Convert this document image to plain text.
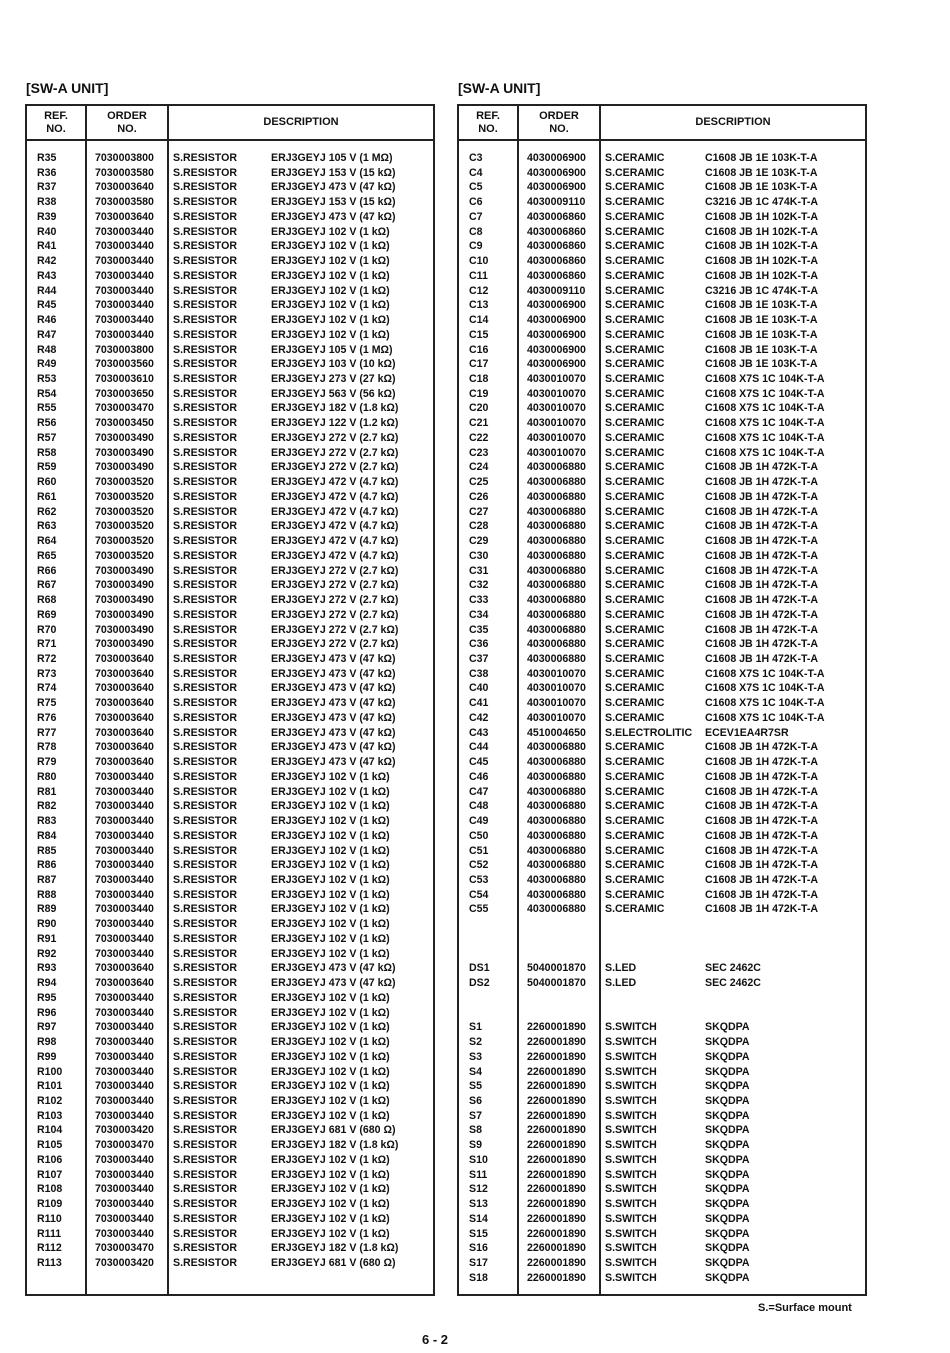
[SW-A UNIT]	[SW-A UNIT]
REF.
NO.
ORDER
NO.
DESCRIPTION
R35	7030003800 S.RESISTOR	ERJ3GEYJ 105 V (1 MΩ)
R36	7030003580 S.RESISTOR	ERJ3GEYJ 153 V (15 kΩ)
R37	7030003640 S.RESISTOR	ERJ3GEYJ 473 V (47 kΩ)
R38	7030003580 S.RESISTOR	ERJ3GEYJ 153 V (15 kΩ)
R39	7030003640 S.RESISTOR	ERJ3GEYJ 473 V (47 kΩ)
R40	7030003440 S.RESISTOR	ERJ3GEYJ 102 V (1 kΩ)
R41	7030003440 S.RESISTOR	ERJ3GEYJ 102 V (1 kΩ)
R42	7030003440 S.RESISTOR	ERJ3GEYJ 102 V (1 kΩ)
R43	7030003440 S.RESISTOR	ERJ3GEYJ 102 V (1 kΩ)
R44	7030003440 S.RESISTOR	ERJ3GEYJ 102 V (1 kΩ)
R45	7030003440 S.RESISTOR	ERJ3GEYJ 102 V (1 kΩ)
R46	7030003440 S.RESISTOR	ERJ3GEYJ 102 V (1 kΩ)
R47	7030003440 S.RESISTOR	ERJ3GEYJ 102 V (1 kΩ)
R48	7030003800 S.RESISTOR	ERJ3GEYJ 105 V (1 MΩ)
R49	7030003560 S.RESISTOR	ERJ3GEYJ 103 V (10 kΩ)
R53	7030003610 S.RESISTOR	ERJ3GEYJ 273 V (27 kΩ)
R54	7030003650 S.RESISTOR	ERJ3GEYJ 563 V (56 kΩ)
R55	7030003470 S.RESISTOR	ERJ3GEYJ 182 V (1.8 kΩ)
R56	7030003450 S.RESISTOR	ERJ3GEYJ 122 V (1.2 kΩ)
R57	7030003490 S.RESISTOR	ERJ3GEYJ 272 V (2.7 kΩ)
R58	7030003490 S.RESISTOR	ERJ3GEYJ 272 V (2.7 kΩ)
R59	7030003490 S.RESISTOR	ERJ3GEYJ 272 V (2.7 kΩ)
R60	7030003520 S.RESISTOR	ERJ3GEYJ 472 V (4.7 kΩ)
R61	7030003520 S.RESISTOR	ERJ3GEYJ 472 V (4.7 kΩ)
R62	7030003520 S.RESISTOR	ERJ3GEYJ 472 V (4.7 kΩ)
R63	7030003520 S.RESISTOR	ERJ3GEYJ 472 V (4.7 kΩ)
R64	7030003520 S.RESISTOR	ERJ3GEYJ 472 V (4.7 kΩ)
R65	7030003520 S.RESISTOR	ERJ3GEYJ 472 V (4.7 kΩ)
R66	7030003490 S.RESISTOR	ERJ3GEYJ 272 V (2.7 kΩ)
R67	7030003490 S.RESISTOR	ERJ3GEYJ 272 V (2.7 kΩ)
R68	7030003490 S.RESISTOR	ERJ3GEYJ 272 V (2.7 kΩ)
R69	7030003490 S.RESISTOR	ERJ3GEYJ 272 V (2.7 kΩ)
R70	7030003490 S.RESISTOR	ERJ3GEYJ 272 V (2.7 kΩ)
R71	7030003490 S.RESISTOR	ERJ3GEYJ 272 V (2.7 kΩ)
R72	7030003640 S.RESISTOR	ERJ3GEYJ 473 V (47 kΩ)
R73	7030003640 S.RESISTOR	ERJ3GEYJ 473 V (47 kΩ)
R74	7030003640 S.RESISTOR	ERJ3GEYJ 473 V (47 kΩ)
R75	7030003640 S.RESISTOR	ERJ3GEYJ 473 V (47 kΩ)
R76	7030003640 S.RESISTOR	ERJ3GEYJ 473 V (47 kΩ)
R77	7030003640 S.RESISTOR	ERJ3GEYJ 473 V (47 kΩ)
R78	7030003640 S.RESISTOR	ERJ3GEYJ 473 V (47 kΩ)
R79	7030003640 S.RESISTOR	ERJ3GEYJ 473 V (47 kΩ)
R80	7030003440 S.RESISTOR	ERJ3GEYJ 102 V (1 kΩ)
R81	7030003440 S.RESISTOR	ERJ3GEYJ 102 V (1 kΩ)
R82	7030003440 S.RESISTOR	ERJ3GEYJ 102 V (1 kΩ)
R83	7030003440 S.RESISTOR	ERJ3GEYJ 102 V (1 kΩ)
R84	7030003440 S.RESISTOR	ERJ3GEYJ 102 V (1 kΩ)
R85	7030003440 S.RESISTOR	ERJ3GEYJ 102 V (1 kΩ)
R86	7030003440 S.RESISTOR	ERJ3GEYJ 102 V (1 kΩ)
R87	7030003440 S.RESISTOR	ERJ3GEYJ 102 V (1 kΩ)
R88	7030003440 S.RESISTOR	ERJ3GEYJ 102 V (1 kΩ)
R89	7030003440 S.RESISTOR	ERJ3GEYJ 102 V (1 kΩ)
R90	7030003440 S.RESISTOR	ERJ3GEYJ 102 V (1 kΩ)
R91	7030003440 S.RESISTOR	ERJ3GEYJ 102 V (1 kΩ)
R92	7030003440 S.RESISTOR	ERJ3GEYJ 102 V (1 kΩ)
R93	7030003640 S.RESISTOR	ERJ3GEYJ 473 V (47 kΩ)
R94	7030003640 S.RESISTOR	ERJ3GEYJ 473 V (47 kΩ)
R95	7030003440 S.RESISTOR	ERJ3GEYJ 102 V (1 kΩ)
R96	7030003440 S.RESISTOR	ERJ3GEYJ 102 V (1 kΩ)
R97	7030003440 S.RESISTOR	ERJ3GEYJ 102 V (1 kΩ)
R98	7030003440 S.RESISTOR	ERJ3GEYJ 102 V (1 kΩ)
R99	7030003440 S.RESISTOR	ERJ3GEYJ 102 V (1 kΩ)
R100	7030003440 S.RESISTOR	ERJ3GEYJ 102 V (1 kΩ)
R101	7030003440 S.RESISTOR	ERJ3GEYJ 102 V (1 kΩ)
R102	7030003440 S.RESISTOR	ERJ3GEYJ 102 V (1 kΩ)
R103	7030003440 S.RESISTOR	ERJ3GEYJ 102 V (1 kΩ)
R104	7030003420 S.RESISTOR	ERJ3GEYJ 681 V (680 Ω)
R105	7030003470 S.RESISTOR	ERJ3GEYJ 182 V (1.8 kΩ)
R106	7030003440 S.RESISTOR	ERJ3GEYJ 102 V (1 kΩ)
R107	7030003440 S.RESISTOR	ERJ3GEYJ 102 V (1 kΩ)
R108	7030003440 S.RESISTOR	ERJ3GEYJ 102 V (1 kΩ)
R109	7030003440 S.RESISTOR	ERJ3GEYJ 102 V (1 kΩ)
R110	7030003440 S.RESISTOR	ERJ3GEYJ 102 V (1 kΩ)
R111	7030003440 S.RESISTOR	ERJ3GEYJ 102 V (1 kΩ)
R112	7030003470 S.RESISTOR	ERJ3GEYJ 182 V (1.8 kΩ)
R113	7030003420 S.RESISTOR	ERJ3GEYJ 681 V (680 Ω)
REF.
NO.
ORDER
NO.
DESCRIPTION
C3	4030006900 S.CERAMIC	C1608 JB 1E 103K-T-A
C4	4030006900 S.CERAMIC	C1608 JB 1E 103K-T-A
C5	4030006900 S.CERAMIC	C1608 JB 1E 103K-T-A
C6	4030009110 S.CERAMIC	C3216 JB 1C 474K-T-A
C7	4030006860 S.CERAMIC	C1608 JB 1H 102K-T-A
C8	4030006860 S.CERAMIC	C1608 JB 1H 102K-T-A
C9	4030006860 S.CERAMIC	C1608 JB 1H 102K-T-A
C10	4030006860 S.CERAMIC	C1608 JB 1H 102K-T-A
C11	4030006860 S.CERAMIC	C1608 JB 1H 102K-T-A
C12	4030009110 S.CERAMIC	C3216 JB 1C 474K-T-A
C13	4030006900 S.CERAMIC	C1608 JB 1E 103K-T-A
C14	4030006900 S.CERAMIC	C1608 JB 1E 103K-T-A
C15	4030006900 S.CERAMIC	C1608 JB 1E 103K-T-A
C16	4030006900 S.CERAMIC	C1608 JB 1E 103K-T-A
C17	4030006900 S.CERAMIC	C1608 JB 1E 103K-T-A
C18	4030010070 S.CERAMIC	C1608 X7S 1C 104K-T-A
C19	4030010070 S.CERAMIC	C1608 X7S 1C 104K-T-A
C20	4030010070 S.CERAMIC	C1608 X7S 1C 104K-T-A
C21	4030010070 S.CERAMIC	C1608 X7S 1C 104K-T-A
C22	4030010070 S.CERAMIC	C1608 X7S 1C 104K-T-A
C23	4030010070 S.CERAMIC	C1608 X7S 1C 104K-T-A
C24	4030006880 S.CERAMIC	C1608 JB 1H 472K-T-A
C25	4030006880 S.CERAMIC	C1608 JB 1H 472K-T-A
C26	4030006880 S.CERAMIC	C1608 JB 1H 472K-T-A
C27	4030006880 S.CERAMIC	C1608 JB 1H 472K-T-A
C28	4030006880 S.CERAMIC	C1608 JB 1H 472K-T-A
C29	4030006880 S.CERAMIC	C1608 JB 1H 472K-T-A
C30	4030006880 S.CERAMIC	C1608 JB 1H 472K-T-A
C31	4030006880 S.CERAMIC	C1608 JB 1H 472K-T-A
C32	4030006880 S.CERAMIC	C1608 JB 1H 472K-T-A
C33	4030006880 S.CERAMIC	C1608 JB 1H 472K-T-A
C34	4030006880 S.CERAMIC	C1608 JB 1H 472K-T-A
C35	4030006880 S.CERAMIC	C1608 JB 1H 472K-T-A
C36	4030006880 S.CERAMIC	C1608 JB 1H 472K-T-A
C37	4030006880 S.CERAMIC	C1608 JB 1H 472K-T-A
C38	4030010070 S.CERAMIC	C1608 X7S 1C 104K-T-A
C40	4030010070 S.CERAMIC	C1608 X7S 1C 104K-T-A
C41	4030010070 S.CERAMIC	C1608 X7S 1C 104K-T-A
C42	4030010070 S.CERAMIC	C1608 X7S 1C 104K-T-A
C43	4510004650 S.ELECTROLITIC ECEV1EA4R7SR
C44	4030006880 S.CERAMIC	C1608 JB 1H 472K-T-A
C45	4030006880 S.CERAMIC	C1608 JB 1H 472K-T-A
C46	4030006880 S.CERAMIC	C1608 JB 1H 472K-T-A
C47	4030006880 S.CERAMIC	C1608 JB 1H 472K-T-A
C48	4030006880 S.CERAMIC	C1608 JB 1H 472K-T-A
C49	4030006880 S.CERAMIC	C1608 JB 1H 472K-T-A
C50	4030006880 S.CERAMIC	C1608 JB 1H 472K-T-A
C51	4030006880 S.CERAMIC	C1608 JB 1H 472K-T-A
C52	4030006880 S.CERAMIC	C1608 JB 1H 472K-T-A
C53	4030006880 S.CERAMIC	C1608 JB 1H 472K-T-A
C54	4030006880 S.CERAMIC	C1608 JB 1H 472K-T-A
C55	4030006880 S.CERAMIC	C1608 JB 1H 472K-T-A
DS1	5040001870 S.LED	SEC 2462C
DS2	5040001870 S.LED	SEC 2462C
S1	2260001890 S.SWITCH	SKQDPA
S2	2260001890 S.SWITCH	SKQDPA
S3	2260001890 S.SWITCH	SKQDPA
S4	2260001890 S.SWITCH	SKQDPA
S5	2260001890 S.SWITCH	SKQDPA
S6	2260001890 S.SWITCH	SKQDPA
S7	2260001890 S.SWITCH	SKQDPA
S8	2260001890 S.SWITCH	SKQDPA
S9	2260001890 S.SWITCH	SKQDPA
S10	2260001890 S.SWITCH	SKQDPA
S11	2260001890 S.SWITCH	SKQDPA
S12	2260001890 S.SWITCH	SKQDPA
S13	2260001890 S.SWITCH	SKQDPA
S14	2260001890 S.SWITCH	SKQDPA
S15	2260001890 S.SWITCH	SKQDPA
S16	2260001890 S.SWITCH	SKQDPA
S17	2260001890 S.SWITCH	SKQDPA
S18	2260001890 S.SWITCH	SKQDPA
S.=Surface mount
6 - 2
